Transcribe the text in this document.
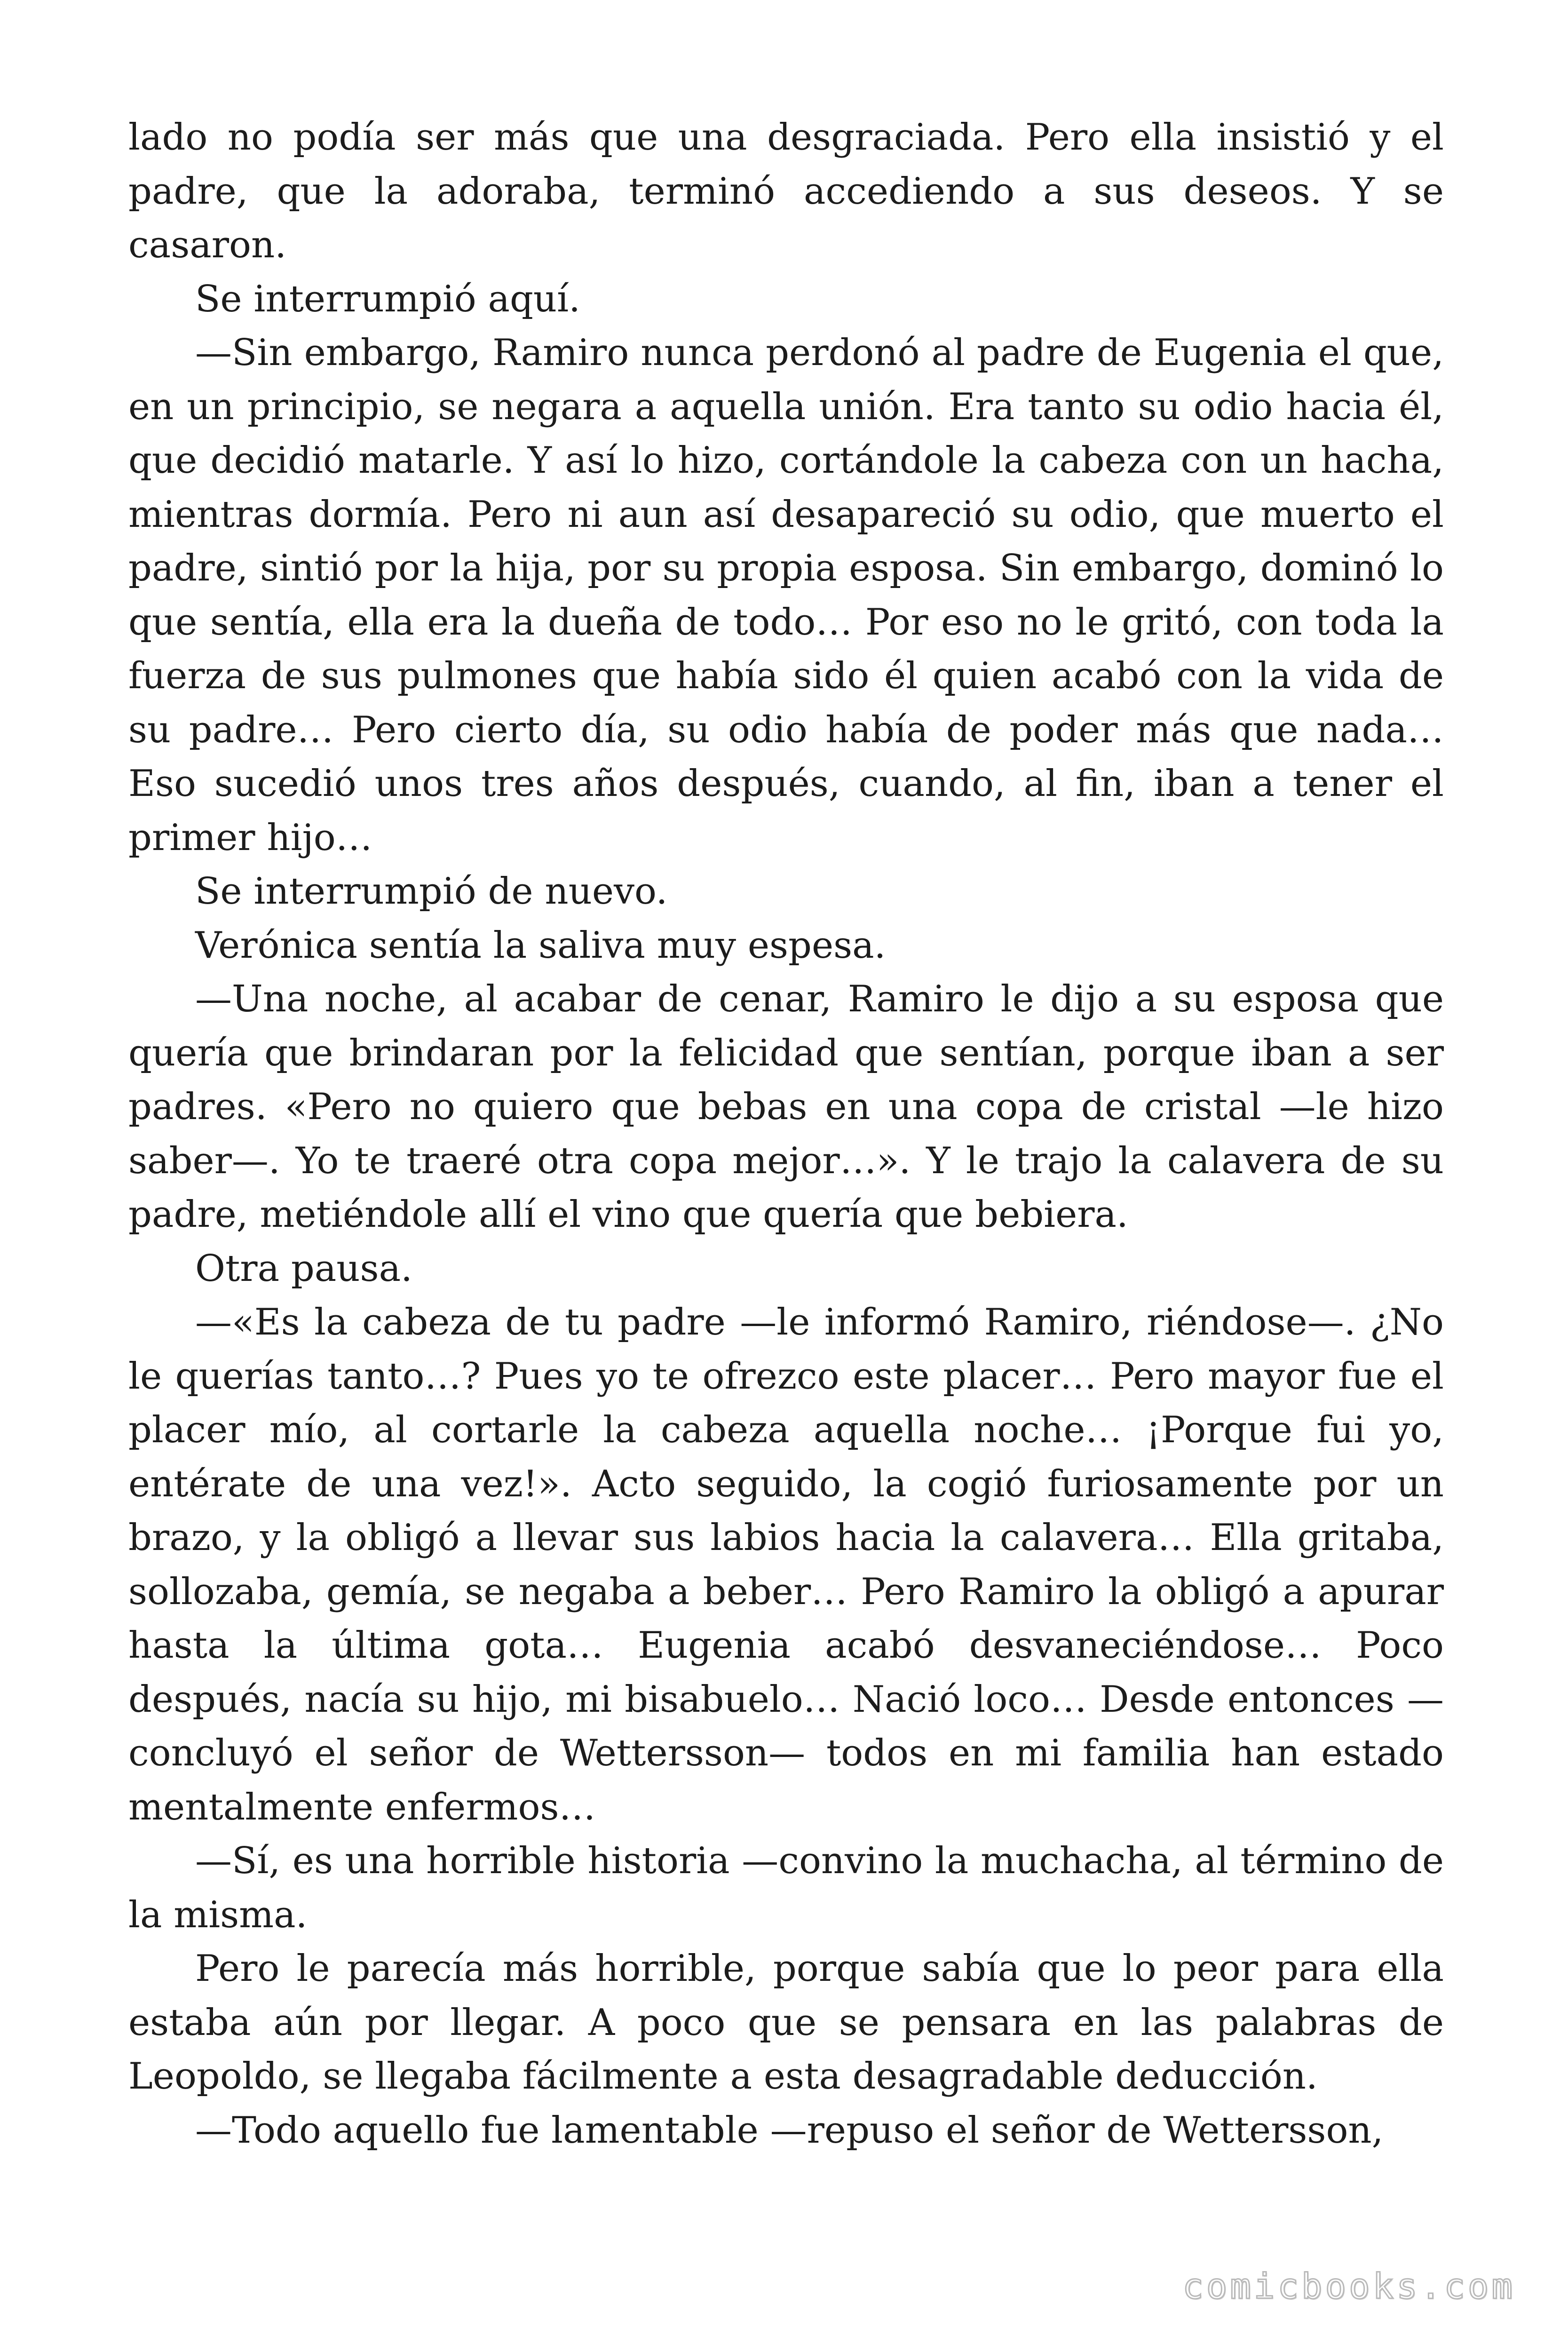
lado no podía ser más que una desgraciada. Pero ella insistió y el padre, que la adoraba, terminó accediendo a sus deseos. Y se casaron.

Se interrumpió aquí.

—Sin embargo, Ramiro nunca perdonó al padre de Eugenia el que, en un principio, se negara a aquella unión. Era tanto su odio hacia él, que decidió matarle. Y así lo hizo, cortándole la cabeza con un hacha, mientras dormía. Pero ni aun así desapareció su odio, que muerto el padre, sintió por la hija, por su propia esposa. Sin embargo, dominó lo que sentía, ella era la dueña de todo… Por eso no le gritó, con toda la fuerza de sus pulmones que había sido él quien acabó con la vida de su padre… Pero cierto día, su odio había de poder más que nada… Eso sucedió unos tres años después, cuando, al fin, iban a tener el primer hijo…

Se interrumpió de nuevo.

Verónica sentía la saliva muy espesa.

—Una noche, al acabar de cenar, Ramiro le dijo a su esposa que quería que brindaran por la felicidad que sentían, porque iban a ser padres. «Pero no quiero que bebas en una copa de cristal —le hizo saber—. Yo te traeré otra copa mejor…». Y le trajo la calavera de su padre, metiéndole allí el vino que quería que bebiera.

Otra pausa.

—«Es la cabeza de tu padre —le informó Ramiro, riéndose—. ¿No le querías tanto…? Pues yo te ofrezco este placer… Pero mayor fue el placer mío, al cortarle la cabeza aquella noche… ¡Porque fui yo, entérate de una vez!». Acto seguido, la cogió furiosamente por un brazo, y la obligó a llevar sus labios hacia la calavera… Ella gritaba, sollozaba, gemía, se negaba a beber… Pero Ramiro la obligó a apurar hasta la última gota… Eugenia acabó desvaneciéndose… Poco después, nacía su hijo, mi bisabuelo… Nació loco… Desde entonces —concluyó el señor de Wettersson— todos en mi familia han estado mentalmente enfermos…

—Sí, es una horrible historia —convino la muchacha, al término de la misma.

Pero le parecía más horrible, porque sabía que lo peor para ella estaba aún por llegar. A poco que se pensara en las palabras de Leopoldo, se llegaba fácilmente a esta desagradable deducción.

—Todo aquello fue lamentable —repuso el señor de Wettersson,

comicbooks.com
